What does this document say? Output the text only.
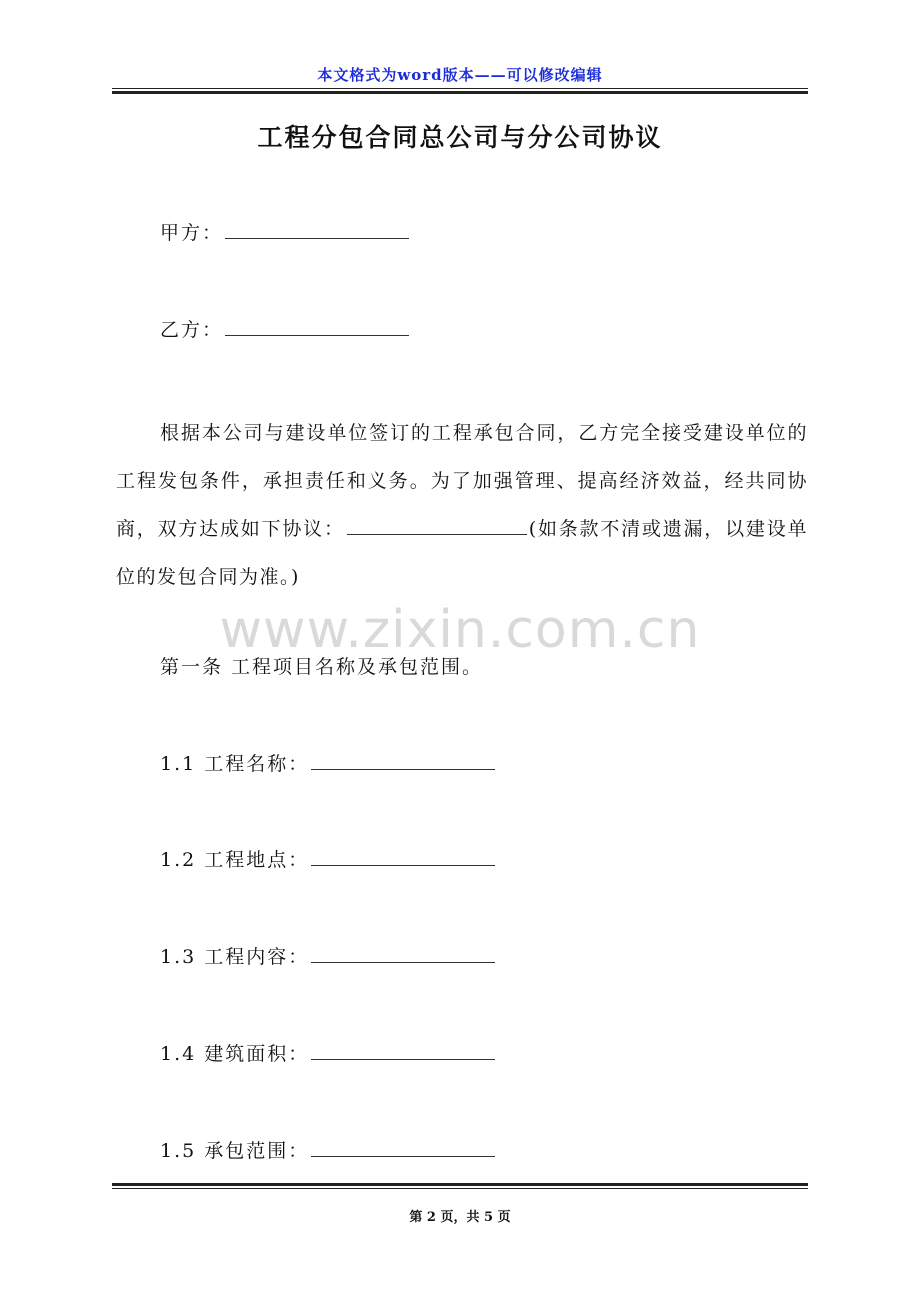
本文格式为word版本——可以修改编辑
工程分包合同总公司与分公司协议
甲方：
乙方：
根据本公司与建设单位签订的工程承包合同，乙方完全接受建设单位的工程发包条件，承担责任和义务。为了加强管理、提高经济效益，经共同协商，双方达成如下协议：	(如条款不清或遗漏，以建设单位的发包合同为准。)
www.zixin.com.cn
第一条 工程项目名称及承包范围。
1.1 工程名称：
1.2 工程地点：
1.3 工程内容：
1.4 建筑面积：
1.5 承包范围：
第 2 页，共 5 页
